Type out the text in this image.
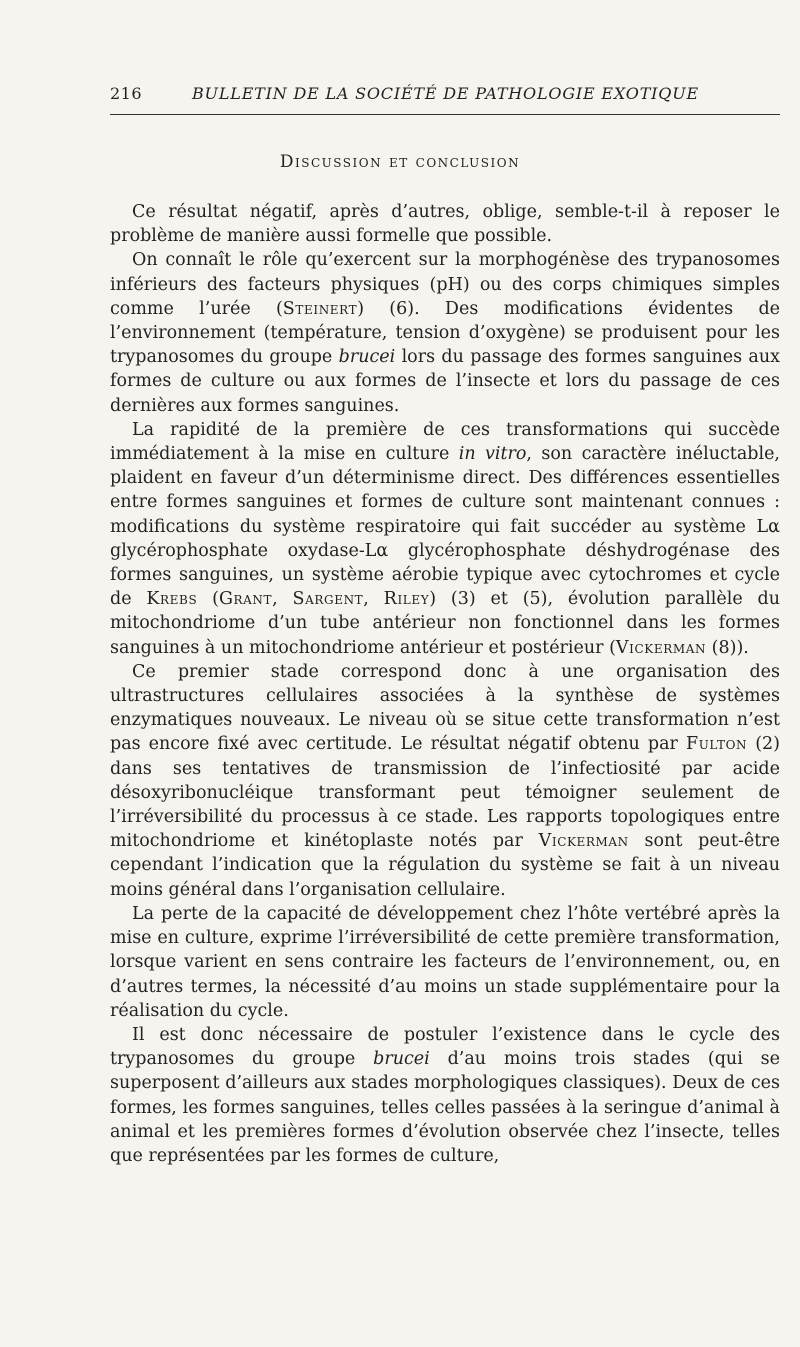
216	BULLETIN DE LA SOCIÉTÉ DE PATHOLOGIE EXOTIQUE
Discussion et conclusion

Ce résultat négatif, après d’autres, oblige, semble-t-il à reposer le problème de manière aussi formelle que possible.

On connaît le rôle qu’exercent sur la morphogénèse des trypanosomes inférieurs des facteurs physiques (pH) ou des corps chimiques simples comme l’urée (Steinert) (6). Des modifications évidentes de l’environnement (température, tension d’oxygène) se produisent pour les trypanosomes du groupe brucei lors du passage des formes sanguines aux formes de culture ou aux formes de l’insecte et lors du passage de ces dernières aux formes sanguines.

La rapidité de la première de ces transformations qui succède immédiatement à la mise en culture in vitro, son caractère inéluctable, plaident en faveur d’un déterminisme direct. Des différences essentielles entre formes sanguines et formes de culture sont maintenant connues : modifications du système respiratoire qui fait succéder au système Lα glycérophosphate oxydase-Lα glycérophosphate déshydrogénase des formes sanguines, un système aérobie typique avec cytochromes et cycle de Krebs (Grant, Sargent, Riley) (3) et (5), évolution parallèle du mitochondriome d’un tube antérieur non fonctionnel dans les formes sanguines à un mitochondriome antérieur et postérieur (Vickerman (8)).

Ce premier stade correspond donc à une organisation des ultrastructures cellulaires associées à la synthèse de systèmes enzymatiques nouveaux. Le niveau où se situe cette transformation n’est pas encore fixé avec certitude. Le résultat négatif obtenu par Fulton (2) dans ses tentatives de transmission de l’infectiosité par acide désoxyribonucléique transformant peut témoigner seulement de l’irréversibilité du processus à ce stade. Les rapports topologiques entre mitochondriome et kinétoplaste notés par Vickerman sont peut-être cependant l’indication que la régulation du système se fait à un niveau moins général dans l’organisation cellulaire.

La perte de la capacité de développement chez l’hôte vertébré après la mise en culture, exprime l’irréversibilité de cette première transformation, lorsque varient en sens contraire les facteurs de l’environnement, ou, en d’autres termes, la nécessité d’au moins un stade supplémentaire pour la réalisation du cycle.

Il est donc nécessaire de postuler l’existence dans le cycle des trypanosomes du groupe brucei d’au moins trois stades (qui se superposent d’ailleurs aux stades morphologiques classiques). Deux de ces formes, les formes sanguines, telles celles passées à la seringue d’animal à animal et les premières formes d’évolution observée chez l’insecte, telles que représentées par les formes de culture,
